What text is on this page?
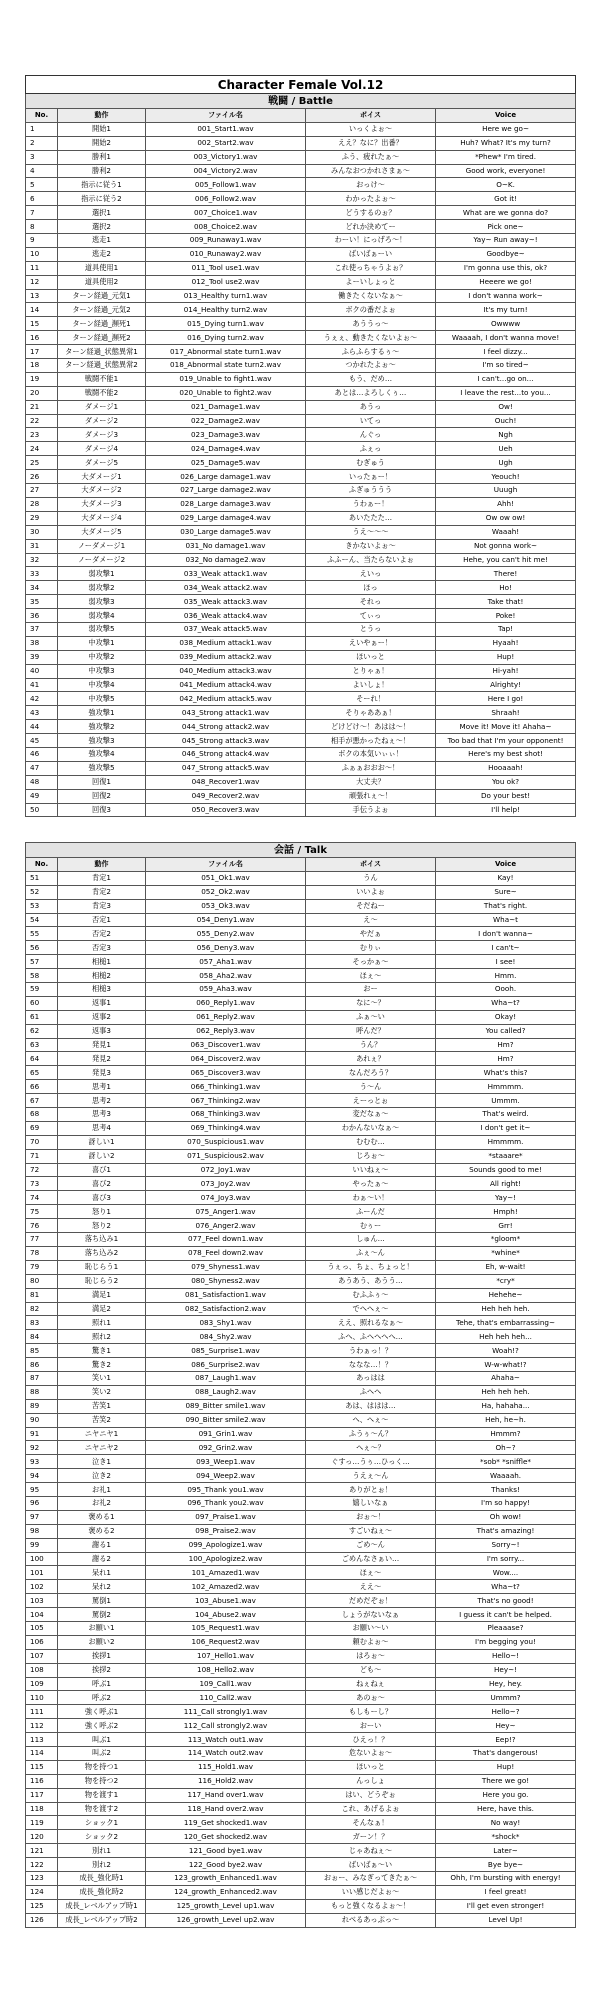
Character Female Vol.12				
戦闘 / Battle				
No.	動作	ファイル名	ボイス	Voice
1	開始1	001_Start1.wav	いっくよぉ～	Here we go~
2	開始2	002_Start2.wav	ええ？なに？出番？	Huh? What? It's my turn?
3	勝利1	003_Victory1.wav	ふう、疲れたぁ～	*Phew* I'm tired.
4	勝利2	004_Victory2.wav	みんなおつかれさまぁ～	Good work, everyone!
5	指示に従う1	005_Follow1.wav	おっけ～	O~K.
6	指示に従う2	006_Follow2.wav	わかったよぉ～	Got it!
7	選択1	007_Choice1.wav	どうするのぉ？	What are we gonna do?
8	選択2	008_Choice2.wav	どれか決めてー	Pick one~
9	逃走1	009_Runaway1.wav	わーい！にっげろ～！	Yay~ Run away~!
10	逃走2	010_Runaway2.wav	ばいばぁーい	Goodbye~
11	道具使用1	011_Tool use1.wav	これ使っちゃうよぉ？	I'm gonna use this, ok?
12	道具使用2	012_Tool use2.wav	よーいしょっと	Heeere we go!
13	ターン経過_元気1	013_Healthy turn1.wav	働きたくないなぁ～	I don't wanna work~
14	ターン経過_元気2	014_Healthy turn2.wav	ボクの番だよぉ	It's my turn!
15	ターン経過_瀕死1	015_Dying turn1.wav	あううっ～	Owwww
16	ターン経過_瀕死2	016_Dying turn2.wav	うぇぇ、動きたくないよぉ～	Waaaah, I don't wanna move!
17	ターン経過_状態異常1	017_Abnormal state turn1.wav	ふらふらするぅ～	I feel dizzy...
18	ターン経過_状態異常2	018_Abnormal state turn2.wav	つかれたよぉ～	I'm so tired~
19	戦闘不能1	019_Unable to fight1.wav	もう、だめ…	I can't...go on...
20	戦闘不能2	020_Unable to fight2.wav	あとは…よろしくぅ…	I leave the rest...to you...
21	ダメージ1	021_Damage1.wav	あうっ	Ow!
22	ダメージ2	022_Damage2.wav	いてっ	Ouch!
23	ダメージ3	023_Damage3.wav	んぐっ	Ngh
24	ダメージ4	024_Damage4.wav	ふぇっ	Ueh
25	ダメージ5	025_Damage5.wav	むぎゅう	Ugh
26	大ダメージ1	026_Large damage1.wav	いったぁー！	Yeouch!
27	大ダメージ2	027_Large damage2.wav	ふぎゅううう	Uuugh
28	大ダメージ3	028_Large damage3.wav	うわぁー！	Ahh!
29	大ダメージ4	029_Large damage4.wav	あいたたた…	Ow ow ow!
30	大ダメージ5	030_Large damage5.wav	うえ～～～	Waaah!
31	ノーダメージ1	031_No damage1.wav	きかないよぉ～	Not gonna work~
32	ノーダメージ2	032_No damage2.wav	ふふーん、当たらないよぉ	Hehe, you can't hit me!
33	弱攻撃1	033_Weak attack1.wav	えいっ	There!
34	弱攻撃2	034_Weak attack2.wav	ほっ	Ho!
35	弱攻撃3	035_Weak attack3.wav	それっ	Take that!
36	弱攻撃4	036_Weak attack4.wav	てぃっ	Poke!
37	弱攻撃5	037_Weak attack5.wav	とうっ	Tap!
38	中攻撃1	038_Medium attack1.wav	えいやぁー！	Hyaah!
39	中攻撃2	039_Medium attack2.wav	ほいっと	Hup!
40	中攻撃3	040_Medium attack3.wav	とりゃぁ！	Hi-yah!
41	中攻撃4	041_Medium attack4.wav	よいしょ！	Alrighty!
42	中攻撃5	042_Medium attack5.wav	そーれ！	Here I go!
43	強攻撃1	043_Strong attack1.wav	そりゃああぁ！	Shraah!
44	強攻撃2	044_Strong attack2.wav	どけどけ～！あはは～！	Move it! Move it! Ahaha~
45	強攻撃3	045_Strong attack3.wav	相手が悪かったねぇ～！	Too bad that I'm your opponent!
46	強攻撃4	046_Strong attack4.wav	ボクの本気いぃぃ！	Here's my best shot!
47	強攻撃5	047_Strong attack5.wav	ふぁぁおおお～！	Hooaaah!
48	回復1	048_Recover1.wav	大丈夫？	You ok?
49	回復2	049_Recover2.wav	頑張れぇ～！	Do your best!
50	回復3	050_Recover3.wav	手伝うよぉ	I'll help!
会話 / Talk				
No.	動作	ファイル名	ボイス	Voice
51	肯定1	051_Ok1.wav	うん	Kay!
52	肯定2	052_Ok2.wav	いいよぉ	Sure~
53	肯定3	053_Ok3.wav	そだねー	That's right.
54	否定1	054_Deny1.wav	え～	Wha~t
55	否定2	055_Deny2.wav	やだぁ	I don't wanna~
56	否定3	056_Deny3.wav	むりぃ	I can't~
57	相槌1	057_Aha1.wav	そっかぁ～	I see!
58	相槌2	058_Aha2.wav	ほぇ～	Hmm.
59	相槌3	059_Aha3.wav	おー	Oooh.
60	返事1	060_Reply1.wav	なに～？	Wha~t?
61	返事2	061_Reply2.wav	ふぁ～い	Okay!
62	返事3	062_Reply3.wav	呼んだ？	You called?
63	発見1	063_Discover1.wav	うん？	Hm?
64	発見2	064_Discover2.wav	あれぇ？	Hm?
65	発見3	065_Discover3.wav	なんだろう？	What's this?
66	思考1	066_Thinking1.wav	う～ん	Hmmmm.
67	思考2	067_Thinking2.wav	えーっとぉ	Ummm.
68	思考3	068_Thinking3.wav	変だなぁ～	That's weird.
69	思考4	069_Thinking4.wav	わかんないなぁ～	I don't get it~
70	訝しい1	070_Suspicious1.wav	むむむ…	Hmmmm.
71	訝しい2	071_Suspicious2.wav	じろぉ～	*staaare*
72	喜び1	072_Joy1.wav	いいねぇ～	Sounds good to me!
73	喜び2	073_Joy2.wav	やったぁ～	All right!
74	喜び3	074_Joy3.wav	わぁ～い！	Yay~!
75	怒り1	075_Anger1.wav	ふーんだ	Hmph!
76	怒り2	076_Anger2.wav	むぅー	Grr!
77	落ち込み1	077_Feel down1.wav	しゅん…	*gloom*
78	落ち込み2	078_Feel down2.wav	ふぇ～ん	*whine*
79	恥じらう1	079_Shyness1.wav	うぇっ、ちょ、ちょっと！	Eh, w-wait!
80	恥じらう2	080_Shyness2.wav	あうあう、あうう…	*cry*
81	満足1	081_Satisfaction1.wav	むふふぅ～	Hehehe~
82	満足2	082_Satisfaction2.wav	でへへぇ～	Heh heh heh.
83	照れ1	083_Shy1.wav	ええ、照れるなぁ～	Tehe, that's embarrassing~
84	照れ2	084_Shy2.wav	ふへ、ふへへへへ…	Heh heh heh...
85	驚き1	085_Surprise1.wav	うわぁっ！？	Woah!?
86	驚き2	086_Surprise2.wav	ななな…！？	W-w-what!?
87	笑い1	087_Laugh1.wav	あっはは	Ahaha~
88	笑い2	088_Laugh2.wav	ふへへ	Heh heh heh.
89	苦笑1	089_Bitter smile1.wav	あは、ははは…	Ha, hahaha...
90	苦笑2	090_Bitter smile2.wav	へ、へぇ～	Heh, he~h.
91	ニヤニヤ1	091_Grin1.wav	ふうぅ～ん？	Hmmm?
92	ニヤニヤ2	092_Grin2.wav	へぇ～？	Oh~?
93	泣き1	093_Weep1.wav	ぐすっ…うぅ…ひっく…	*sob* *sniffle*
94	泣き2	094_Weep2.wav	うえぇ～ん	Waaaah.
95	お礼1	095_Thank you1.wav	ありがとぉ！	Thanks!
96	お礼2	096_Thank you2.wav	嬉しいなぁ	I'm so happy!
97	褒める1	097_Praise1.wav	おぉ～！	Oh wow!
98	褒める2	098_Praise2.wav	すごいねぇ～	That's amazing!
99	謝る1	099_Apologize1.wav	ごめ～ん	Sorry~!
100	謝る2	100_Apologize2.wav	ごめんなさぁい…	I'm sorry...
101	呆れ1	101_Amazed1.wav	ほぇ～	Wow....
102	呆れ2	102_Amazed2.wav	ええ～	Wha~t?
103	罵倒1	103_Abuse1.wav	だめだぞぉ！	That's no good!
104	罵倒2	104_Abuse2.wav	しょうがないなぁ	I guess it can't be helped.
105	お願い1	105_Request1.wav	お願い～い	Pleaaase?
106	お願い2	106_Request2.wav	頼むよぉ～	I'm begging you!
107	挨拶1	107_Hello1.wav	はろぉ～	Hello~!
108	挨拶2	108_Hello2.wav	ども～	Hey~!
109	呼ぶ1	109_Call1.wav	ねぇねぇ	Hey, hey.
110	呼ぶ2	110_Call2.wav	あのぉ～	Ummm?
111	強く呼ぶ1	111_Call strongly1.wav	もしもーし？	Hello~?
112	強く呼ぶ2	112_Call strongly2.wav	おーい	Hey~
113	叫ぶ1	113_Watch out1.wav	ひえっ！？	Eep!?
114	叫ぶ2	114_Watch out2.wav	危ないよぉ～	That's dangerous!
115	物を持つ1	115_Hold1.wav	ほいっと	Hup!
116	物を持つ2	116_Hold2.wav	んっしょ	There we go!
117	物を渡す1	117_Hand over1.wav	はい、どうぞぉ	Here you go.
118	物を渡す2	118_Hand over2.wav	これ、あげるよぉ	Here, have this.
119	ショック1	119_Get shocked1.wav	そんなぁ！	No way!
120	ショック2	120_Get shocked2.wav	ガーン！？	*shock*
121	別れ1	121_Good bye1.wav	じゃあねぇ～	Later~
122	別れ2	122_Good bye2.wav	ばいばぁ～い	Bye bye~
123	成長_強化時1	123_growth_Enhanced1.wav	おぉー、みなぎってきたぁ～	Ohh, I'm bursting with energy!
124	成長_強化時2	124_growth_Enhanced2.wav	いい感じだよぉ～	I feel great!
125	成長_レベルアップ時1	125_growth_Level up1.wav	もっと強くなるよぉ～！	I'll get even stronger!
126	成長_レベルアップ時2	126_growth_Level up2.wav	れべるあっぷっ～	Level Up!
